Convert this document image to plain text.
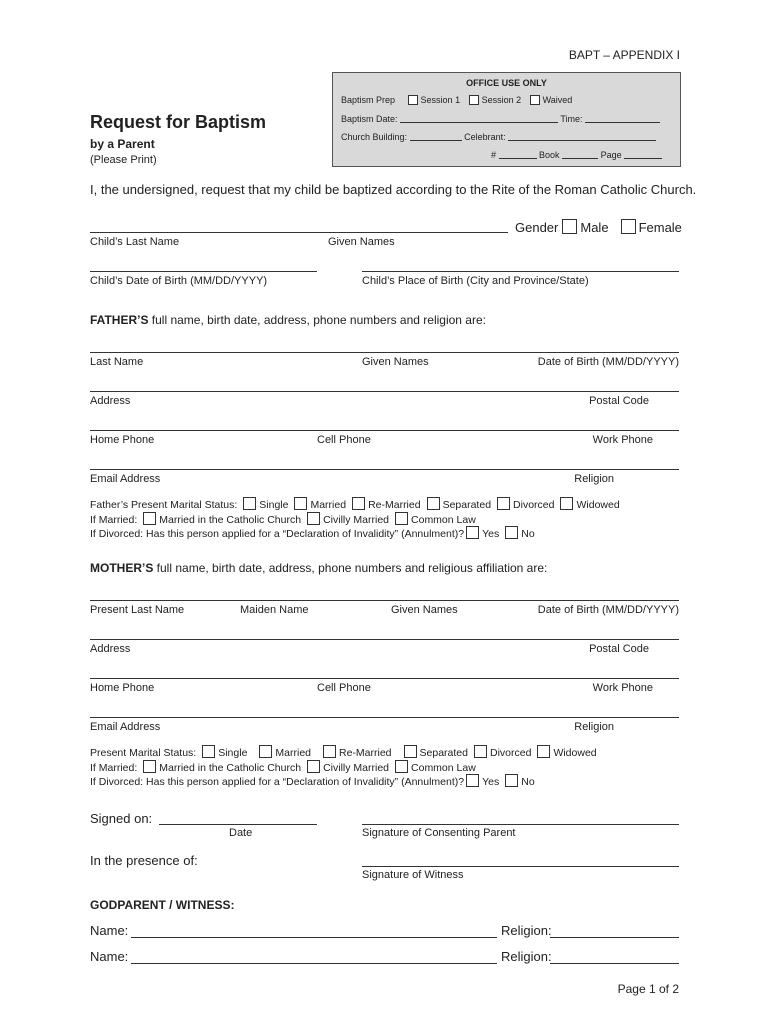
BAPT – APPENDIX I
OFFICE USE ONLY
Baptism Prep	Session 1 Session 2 Waived
Baptism Date:	Time:
Church Building:	Celebrant:
#	Book	Page
Request for Baptism
by a Parent
(Please Print)
I, the undersigned, request that my child be baptized according to the Rite of the Roman Catholic Church.
Gender Male Female
Child’s Last Name	Given Names
Child’s Date of Birth (MM/DD/YYYY)	Child’s Place of Birth (City and Province/State)
FATHER’S full name, birth date, address, phone numbers and religion are:
Last Name	Given Names	Date of Birth (MM/DD/YYYY)
Address	Postal Code
Home Phone	Cell Phone	Work Phone
Email Address	Religion
Father’s Present Marital Status: Single Married Re-Married Separated Divorced Widowed
If Married: Married in the Catholic Church Civilly Married Common Law
If Divorced: Has this person applied for a “Declaration of Invalidity” (Annulment)? Yes No
MOTHER’S full name, birth date, address, phone numbers and religious affiliation are:
Present Last Name	Maiden Name	Given Names	Date of Birth (MM/DD/YYYY)
Address	Postal Code
Home Phone	Cell Phone	Work Phone
Email Address	Religion
Present Marital Status: Single	Married	Re-Married	Separated Divorced Widowed
If Married: Married in the Catholic Church Civilly Married Common Law
If Divorced: Has this person applied for a “Declaration of Invalidity” (Annulment)? Yes No
Signed on:
Date	Signature of Consenting Parent
In the presence of:
Signature of Witness
GODPARENT / WITNESS:
Name:	Religion:
Name:	Religion:
Page 1 of 2
